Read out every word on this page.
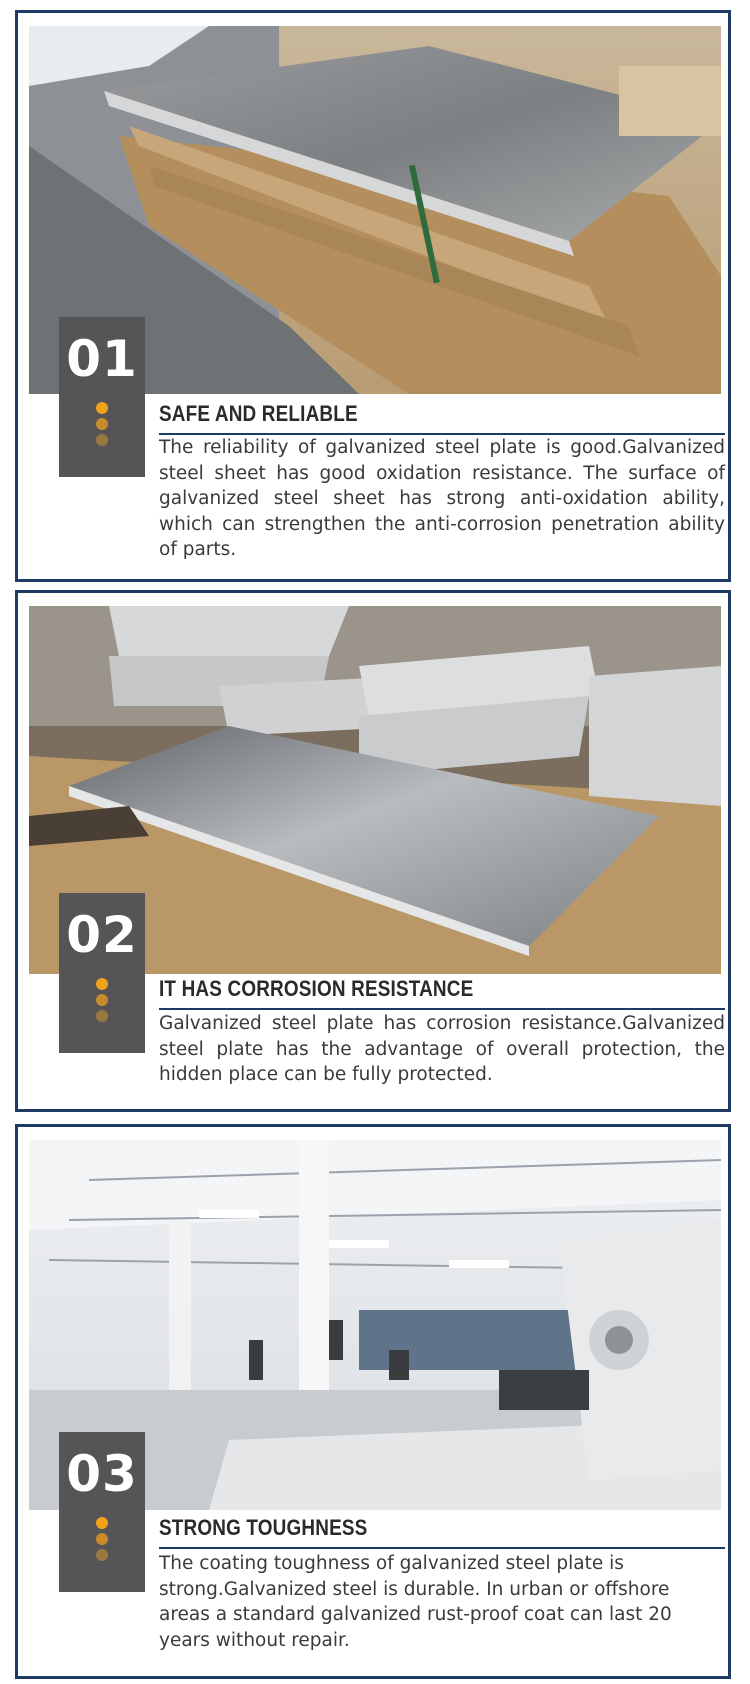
01
SAFE AND RELIABLE
The reliability of galvanized steel plate is good.Galvanized steel sheet has good oxidation resistance. The surface of galvanized steel sheet has strong anti-oxidation ability, which can strengthen the anti-corrosion penetration ability of parts.
02
IT HAS CORROSION RESISTANCE
Galvanized steel plate has corrosion resistance.Galvanized steel plate has the advantage of overall protection, the hidden place can be fully protected.
03
STRONG TOUGHNESS
The coating toughness of galvanized steel plate is strong.Galvanized steel is durable. In urban or offshore areas a standard galvanized rust-proof coat can last 20 years without repair.
